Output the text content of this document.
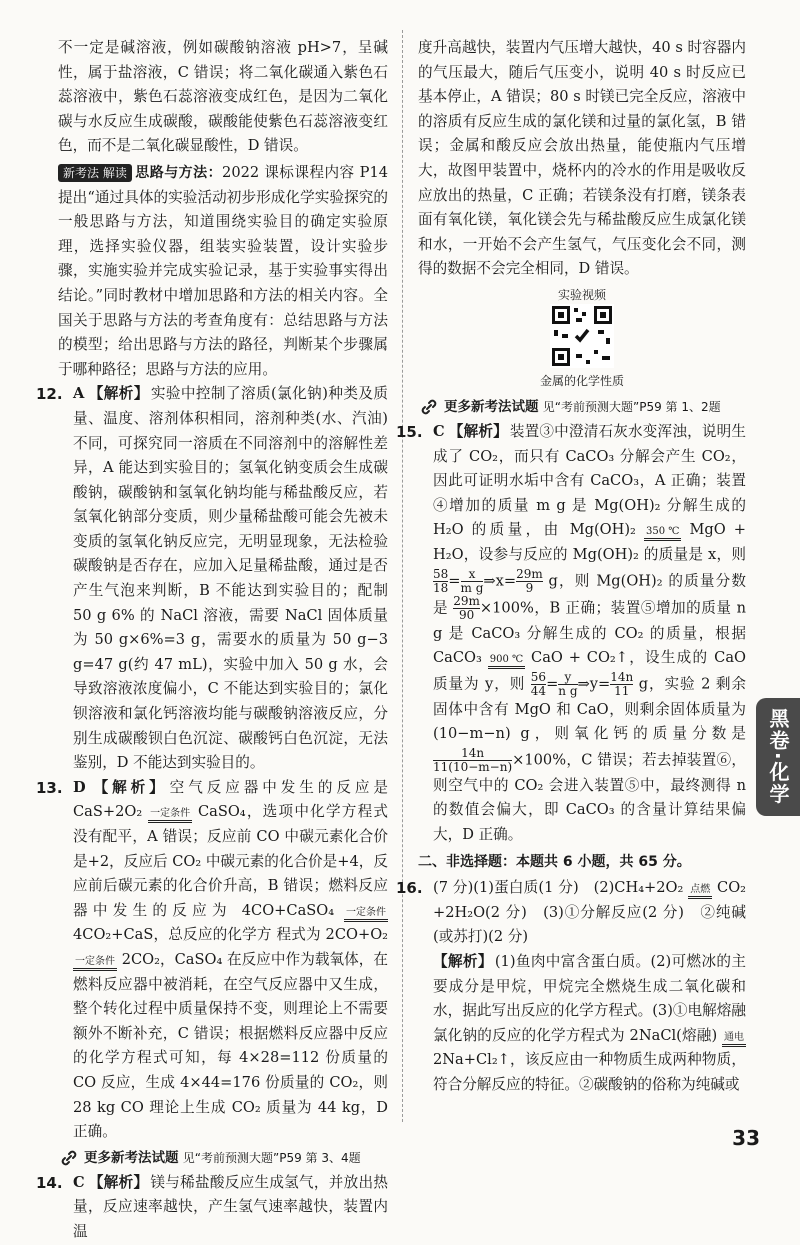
不一定是碱溶液，例如碳酸钠溶液 pH>7，呈碱性，属于盐溶液，C 错误；将二氧化碳通入紫色石蕊溶液中，紫色石蕊溶液变成红色，是因为二氧化碳与水反应生成碳酸，碳酸能使紫色石蕊溶液变红色，而不是二氧化碳显酸性，D 错误。

新考法 解读 思路与方法：2022 课标课程内容 P14 提出“通过具体的实验活动初步形成化学实验探究的一般思路与方法，知道围绕实验目的确定实验原理，选择实验仪器，组装实验装置，设计实验步骤，实施实验并完成实验记录，基于实验事实得出结论。”同时教材中增加思路和方法的相关内容。全国关于思路与方法的考查角度有：总结思路与方法的模型；给出思路与方法的路径，判断某个步骤属于哪种路径；思路与方法的应用。

12. A 【解析】 实验中控制了溶质(氯化钠)种类及质量、温度、溶剂体积相同，溶剂种类(水、汽油)不同，可探究同一溶质在不同溶剂中的溶解性差异，A 能达到实验目的；氢氧化钠变质会生成碳酸钠，碳酸钠和氢氧化钠均能与稀盐酸反应，若氢氧化钠部分变质，则少量稀盐酸可能会先被未变质的氢氧化钠反应完，无明显现象，无法检验碳酸钠是否存在，应加入足量稀盐酸，通过是否产生气泡来判断，B 不能达到实验目的；配制 50 g 6% 的 NaCl 溶液，需要 NaCl 固体质量为 50 g×6%=3 g，需要水的质量为 50 g−3 g=47 g(约 47 mL)，实验中加入 50 g 水，会导致溶液浓度偏小，C 不能达到实验目的；氯化钡溶液和氯化钙溶液均能与碳酸钠溶液反应，分别生成碳酸钡白色沉淀、碳酸钙白色沉淀，无法鉴别，D 不能达到实验目的。

13. D 【解析】 空气反应器中发生的反应是 CaS+2O₂ 一定条件 CaSO₄，选项中化学方程式没有配平，A 错误；反应前 CO 中碳元素化合价是+2，反应后 CO₂ 中碳元素的化合价是+4，反应前后碳元素的化合价升高，B 错误；燃料反应器中发生的反应为 4CO+CaSO₄ 一定条件 4CO₂+CaS，总反应的化学方 程式为 2CO+O₂ 一定条件 2CO₂，CaSO₄ 在反应中作为载氧体，在燃料反应器中被消耗，在空气反应器中又生成，整个转化过程中质量保持不变，则理论上不需要额外不断补充，C 错误；根据燃料反应器中反应的化学方程式可知，每 4×28=112 份质量的 CO 反应，生成 4×44=176 份质量的 CO₂，则 28 kg CO 理论上生成 CO₂ 质量为 44 kg，D 正确。

更多新考法试题 见“考前预测大题”P59 第 3、4题

14. C 【解析】 镁与稀盐酸反应生成氢气，并放出热量，反应速率越快，产生氢气速率越快，装置内温

度升高越快，装置内气压增大越快，40 s 时容器内的气压最大，随后气压变小，说明 40 s 时反应已基本停止，A 错误；80 s 时镁已完全反应，溶液中的溶质有反应生成的氯化镁和过量的氯化氢，B 错误；金属和酸反应会放出热量，能使瓶内气压增大，故图甲装置中，烧杯内的冷水的作用是吸收反应放出的热量，C 正确；若镁条没有打磨，镁条表面有氧化镁，氧化镁会先与稀盐酸反应生成氯化镁和水，一开始不会产生氢气，气压变化会不同，测得的数据不会完全相同，D 错误。

实验视频
金属的化学性质
更多新考法试题 见“考前预测大题”P59 第 1、2题

15. C 【解析】 装置③中澄清石灰水变浑浊，说明生成了 CO₂，而只有 CaCO₃ 分解会产生 CO₂，因此可证明水垢中含有 CaCO₃，A 正确；装置④增加的质量 m g 是 Mg(OH)₂ 分解生成的 H₂O 的质量，由 Mg(OH)₂ 350 ℃ MgO + H₂O，设参与反应的 Mg(OH)₂ 的质量是 x，则
$\frac{58}{18} = \frac{x}{\text{m g}}$ ⇒x= $\frac{29m}{9}$ g，则 Mg(OH)₂ 的质量分数是 $\frac{29m}{90} \times 100\%$，B 正确；装置⑤增加的质量 n g 是 CaCO₃ 分解生成的 CO₂ 的质量，根据 CaCO₃ 900 ℃ CaO + CO₂↑，设生成的 CaO 质量为 y，则 $\frac{56}{44} = \frac{y}{\text{n g}}$ ⇒y= $\frac{14n}{11}$ g，实验 2 剩余固体中含有 MgO 和 CaO，则剩余固体质量为(10−m−n) g，则氧化钙的质量分数是
$\frac{14n}{11(10-m-n)} \times 100\%$，C 错误；若去掉装置⑥，则空气中的 CO₂ 会进入装置⑤中，最终测得 n 的数值会偏大，即 CaCO₃ 的含量计算结果偏大，D 正确。

二、非选择题：本题共 6 小题，共 65 分。

16. (7 分)(1)蛋白质(1 分)　(2)CH₄+2O₂ 点燃 CO₂ +2H₂O(2 分)　(3)①分解反应(2 分)　②纯碱(或苏打)(2 分)

【解析】 (1)鱼肉中富含蛋白质。(2)可燃冰的主要成分是甲烷，甲烷完全燃烧生成二氧化碳和水，据此写出反应的化学方程式。(3)①电解熔融氯化钠的反应的化学方程式为 2NaCl(熔融) 通电 2Na+Cl₂↑，该反应由一种物质生成两种物质，符合分解反应的特征。②碳酸钠的俗称为纯碱或

黑卷·化学
33
